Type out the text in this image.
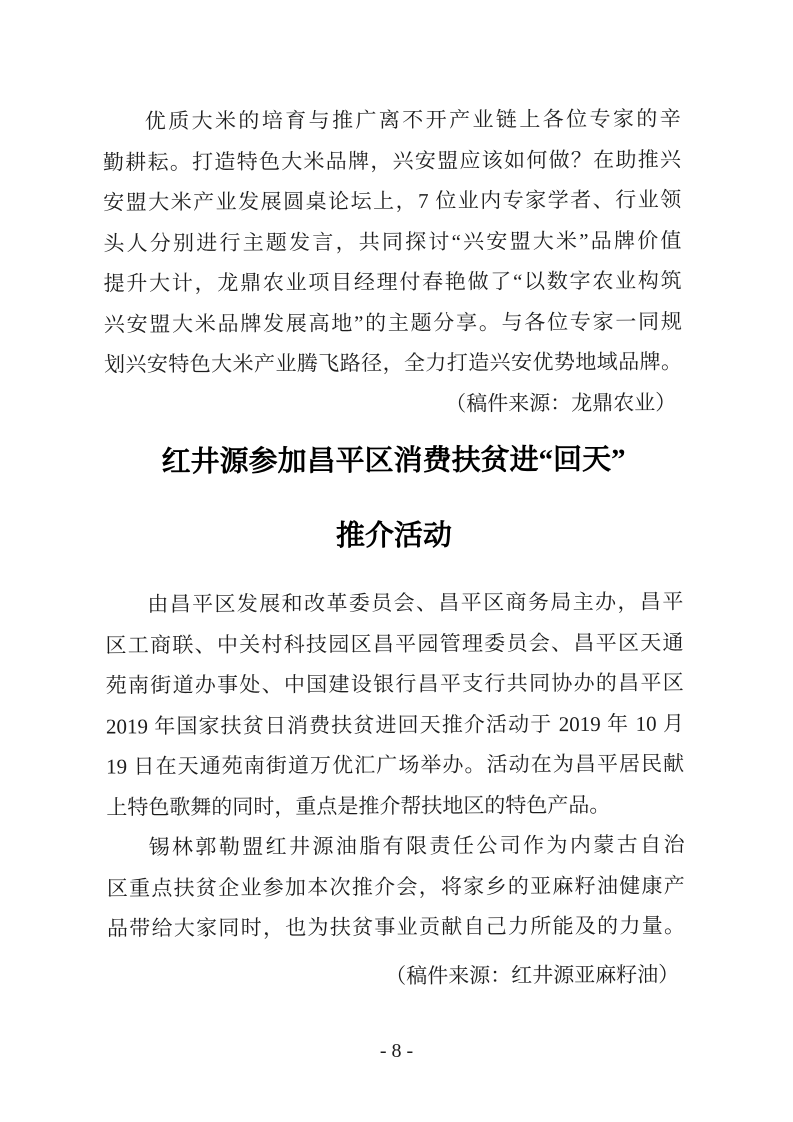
优质大米的培育与推广离不开产业链上各位专家的辛
勤耕耘。打造特色大米品牌，兴安盟应该如何做？在助推兴
安盟大米产业发展圆桌论坛上，7 位业内专家学者、行业领
头人分别进行主题发言，共同探讨“兴安盟大米”品牌价值
提升大计，龙鼎农业项目经理付春艳做了“以数字农业构筑
兴安盟大米品牌发展高地”的主题分享。与各位专家一同规
划兴安特色大米产业腾飞路径，全力打造兴安优势地域品牌。
（稿件来源：龙鼎农业）
红井源参加昌平区消费扶贫进“回天”
推介活动
由昌平区发展和改革委员会、昌平区商务局主办，昌平
区工商联、中关村科技园区昌平园管理委员会、昌平区天通
苑南街道办事处、中国建设银行昌平支行共同协办的昌平区
2019 年国家扶贫日消费扶贫进回天推介活动于 2019 年 10 月
19 日在天通苑南街道万优汇广场举办。活动在为昌平居民献
上特色歌舞的同时，重点是推介帮扶地区的特色产品。
锡林郭勒盟红井源油脂有限责任公司作为内蒙古自治
区重点扶贫企业参加本次推介会，将家乡的亚麻籽油健康产
品带给大家同时，也为扶贫事业贡献自己力所能及的力量。
（稿件来源：红井源亚麻籽油）
- 8 -
